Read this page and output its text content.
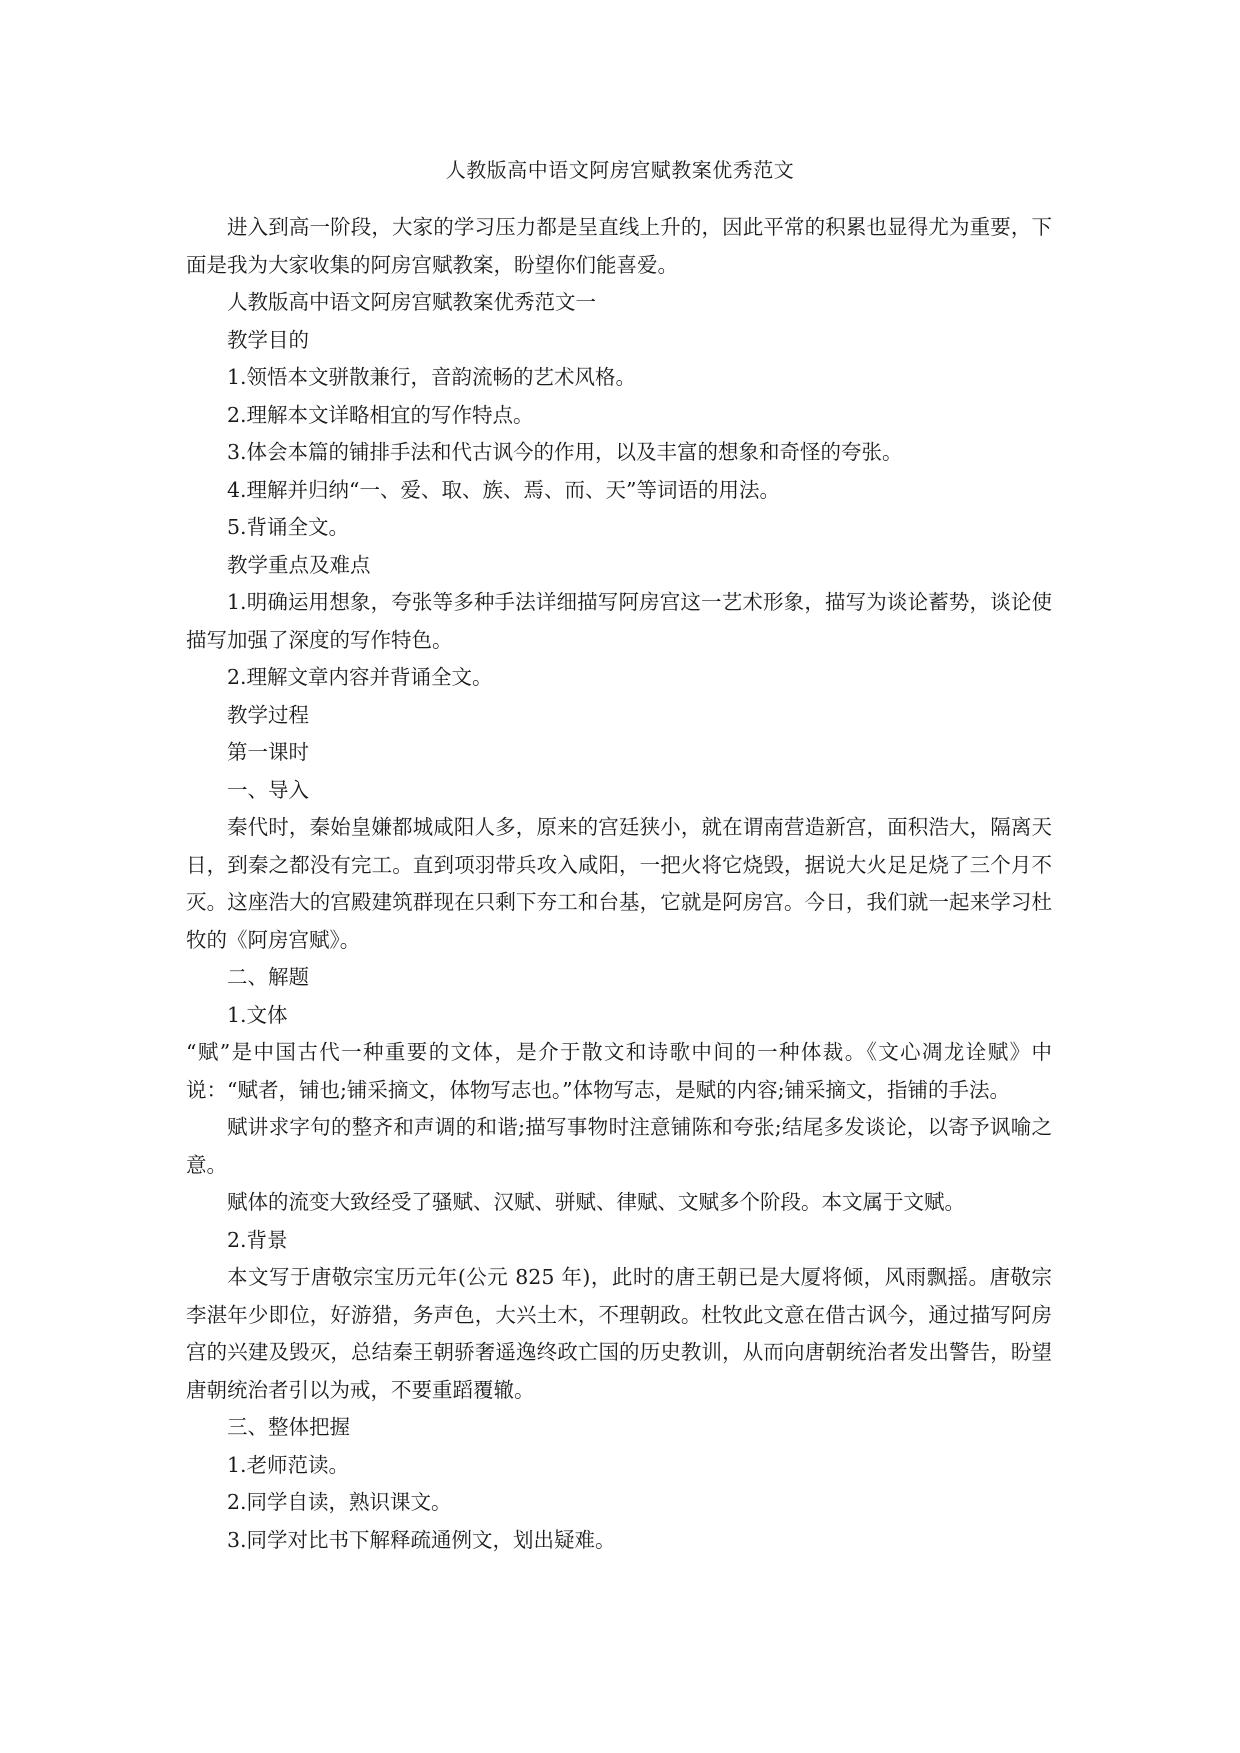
人教版高中语文阿房宫赋教案优秀范文

进入到高一阶段，大家的学习压力都是呈直线上升的，因此平常的积累也显得尤为重要，下面是我为大家收集的阿房宫赋教案，盼望你们能喜爱。

人教版高中语文阿房宫赋教案优秀范文一

教学目的

1.领悟本文骈散兼行，音韵流畅的艺术风格。

2.理解本文详略相宜的写作特点。

3.体会本篇的铺排手法和代古讽今的作用，以及丰富的想象和奇怪的夸张。

4.理解并归纳“一、爱、取、族、焉、而、天”等词语的用法。

5.背诵全文。

教学重点及难点

1.明确运用想象，夸张等多种手法详细描写阿房宫这一艺术形象，描写为谈论蓄势，谈论使描写加强了深度的写作特色。

2.理解文章内容并背诵全文。

教学过程

第一课时

一、导入

秦代时，秦始皇嫌都城咸阳人多，原来的宫廷狭小，就在谓南营造新宫，面积浩大，隔离天日，到秦之都没有完工。直到项羽带兵攻入咸阳，一把火将它烧毁，据说大火足足烧了三个月不灭。这座浩大的宫殿建筑群现在只剩下夯工和台基，它就是阿房宫。今日，我们就一起来学习杜牧的《阿房宫赋》。

二、解题

1.文体

“赋”是中国古代一种重要的文体，是介于散文和诗歌中间的一种体裁。《文心凋龙诠赋》中说：“赋者，铺也;铺采摘文，体物写志也。”体物写志，是赋的内容;铺采摘文，指铺的手法。

赋讲求字句的整齐和声调的和谐;描写事物时注意铺陈和夸张;结尾多发谈论，以寄予讽喻之意。

赋体的流变大致经受了骚赋、汉赋、骈赋、律赋、文赋多个阶段。本文属于文赋。

2.背景

本文写于唐敬宗宝历元年(公元 825 年)，此时的唐王朝已是大厦将倾，风雨飘摇。唐敬宗李湛年少即位，好游猎，务声色，大兴土木，不理朝政。杜牧此文意在借古讽今，通过描写阿房宫的兴建及毁灭，总结秦王朝骄奢遥逸终政亡国的历史教训，从而向唐朝统治者发出警告，盼望唐朝统治者引以为戒，不要重蹈覆辙。

三、整体把握

1.老师范读。

2.同学自读，熟识课文。

3.同学对比书下解释疏通例文，划出疑难。
